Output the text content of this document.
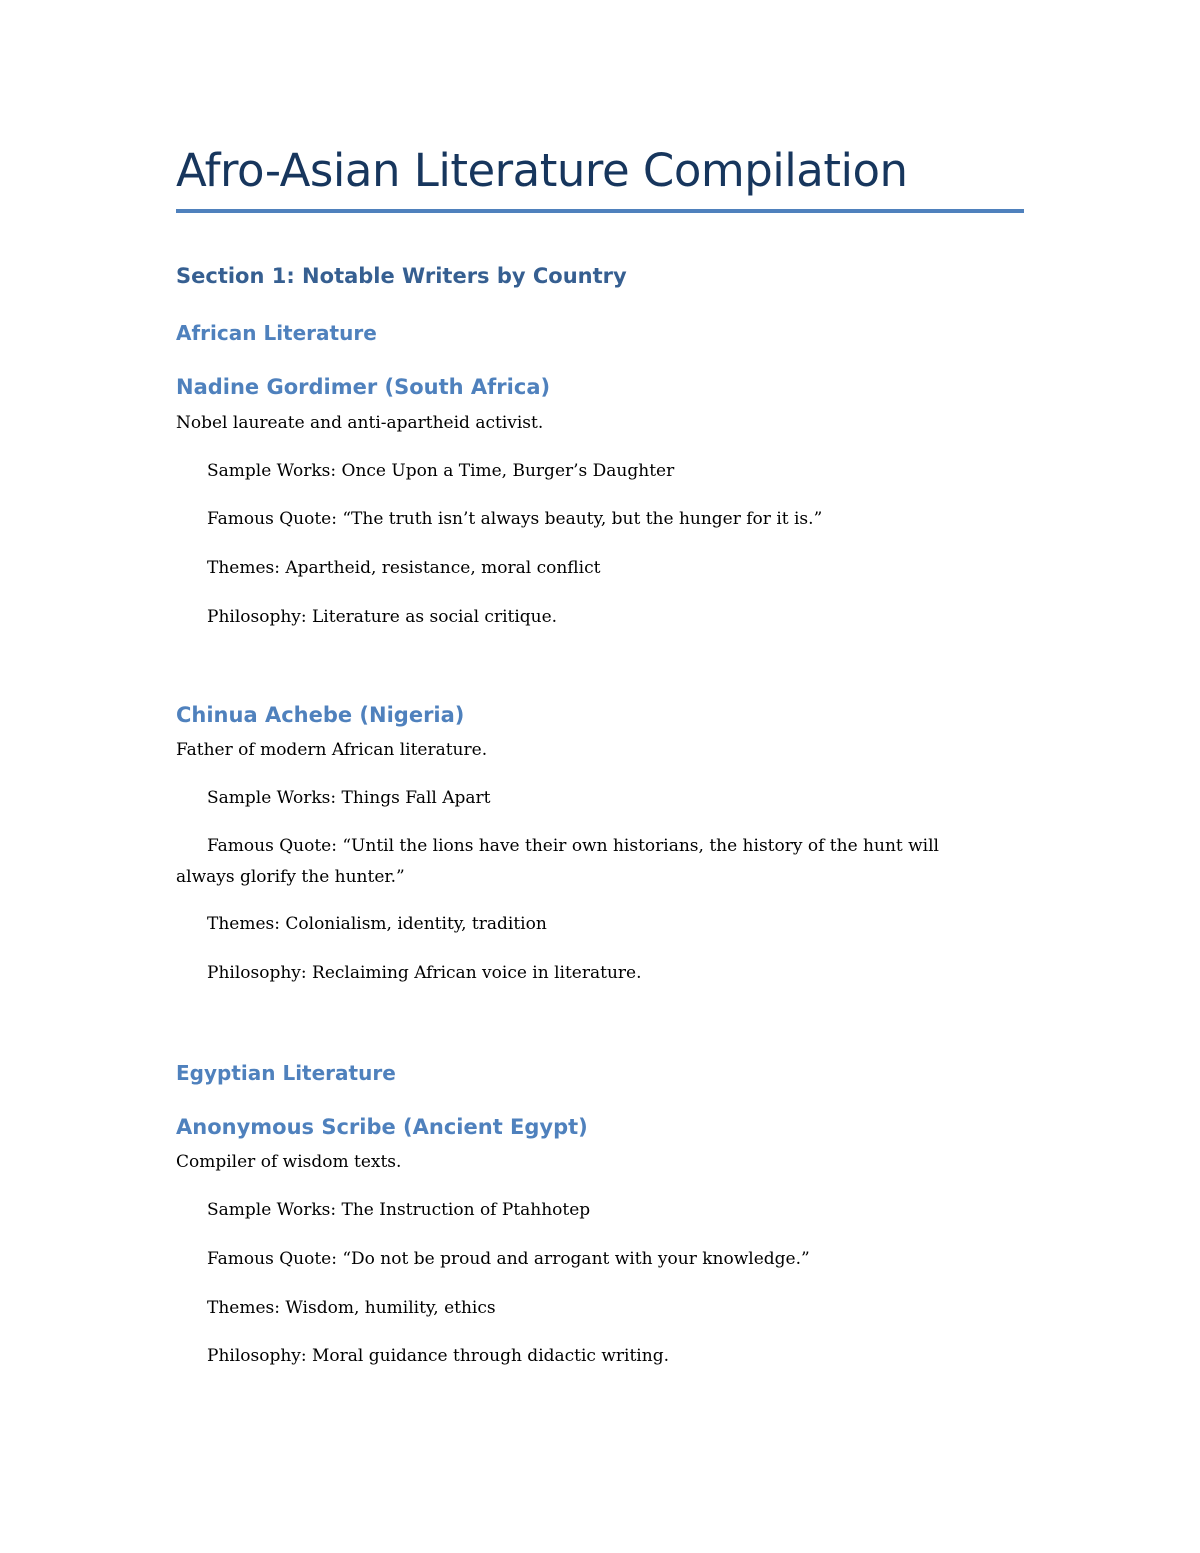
Afro-Asian Literature Compilation
Section 1: Notable Writers by Country
African Literature
Nadine Gordimer (South Africa)
Nobel laureate and anti-apartheid activist.
Sample Works: Once Upon a Time, Burger’s Daughter
Famous Quote: “The truth isn’t always beauty, but the hunger for it is.”
Themes: Apartheid, resistance, moral conflict
Philosophy: Literature as social critique.
Chinua Achebe (Nigeria)
Father of modern African literature.
Sample Works: Things Fall Apart
Famous Quote: “Until the lions have their own historians, the history of the hunt will
always glorify the hunter.”
Themes: Colonialism, identity, tradition
Philosophy: Reclaiming African voice in literature.
Egyptian Literature
Anonymous Scribe (Ancient Egypt)
Compiler of wisdom texts.
Sample Works: The Instruction of Ptahhotep
Famous Quote: “Do not be proud and arrogant with your knowledge.”
Themes: Wisdom, humility, ethics
Philosophy: Moral guidance through didactic writing.
